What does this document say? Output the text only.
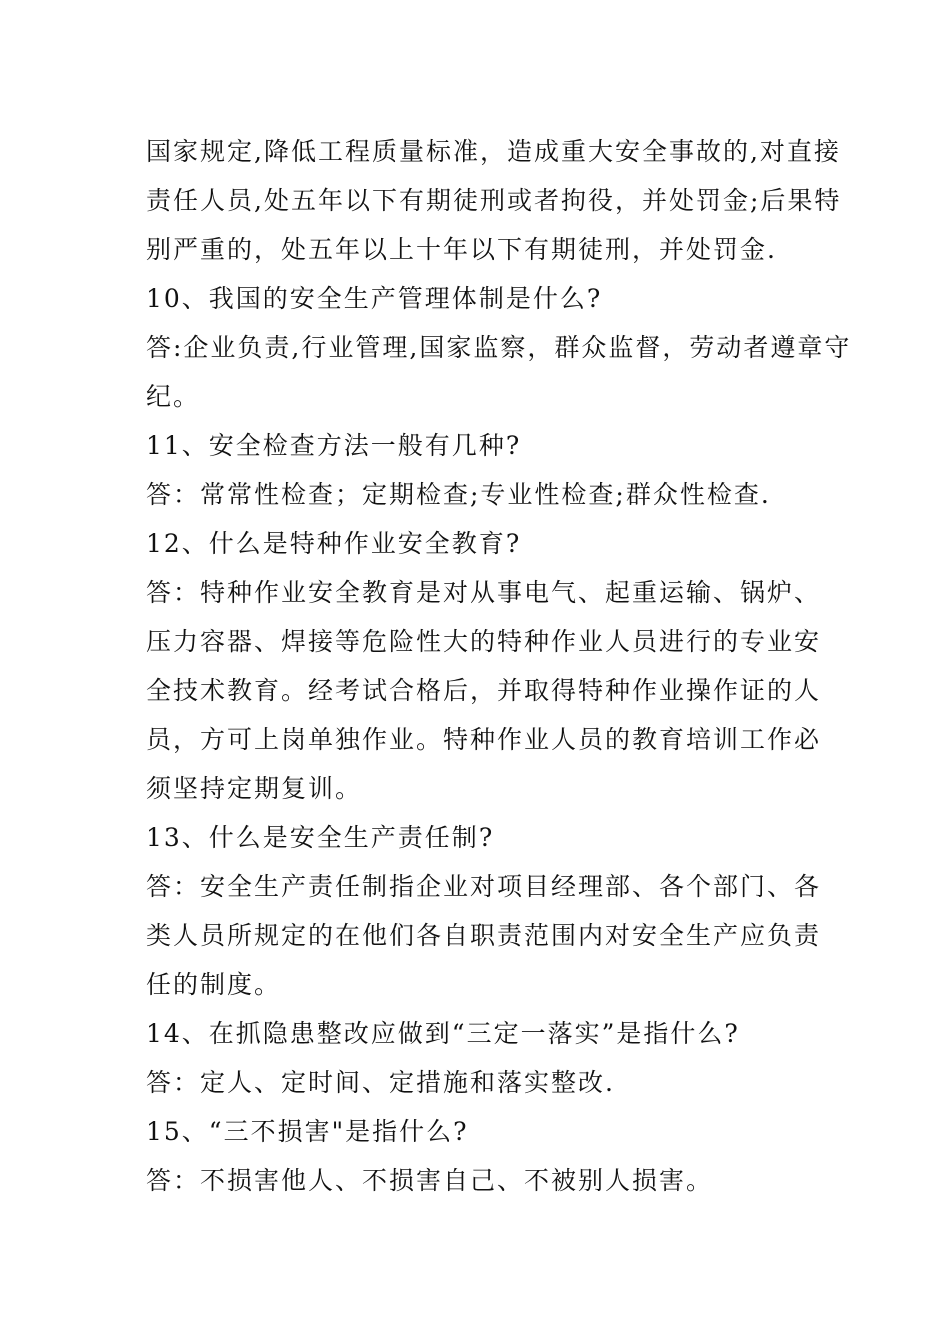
国家规定,降低工程质量标准，造成重大安全事故的,对直接

责任人员,处五年以下有期徒刑或者拘役，并处罚金;后果特

别严重的，处五年以上十年以下有期徒刑，并处罚金.

10、我国的安全生产管理体制是什么?

答:企业负责,行业管理,国家监察，群众监督，劳动者遵章守

纪。

11、安全检查方法一般有几种?

答：常常性检查；定期检查;专业性检查;群众性检查.

12、什么是特种作业安全教育?

答：特种作业安全教育是对从事电气、起重运输、锅炉、

压力容器、焊接等危险性大的特种作业人员进行的专业安

全技术教育。经考试合格后，并取得特种作业操作证的人

员，方可上岗单独作业。特种作业人员的教育培训工作必

须坚持定期复训。

13、什么是安全生产责任制?

答：安全生产责任制指企业对项目经理部、各个部门、各

类人员所规定的在他们各自职责范围内对安全生产应负责

任的制度。

14、在抓隐患整改应做到“三定一落实”是指什么?

答：定人、定时间、定措施和落实整改.

15、“三不损害"是指什么?

答：不损害他人、不损害自己、不被别人损害。
